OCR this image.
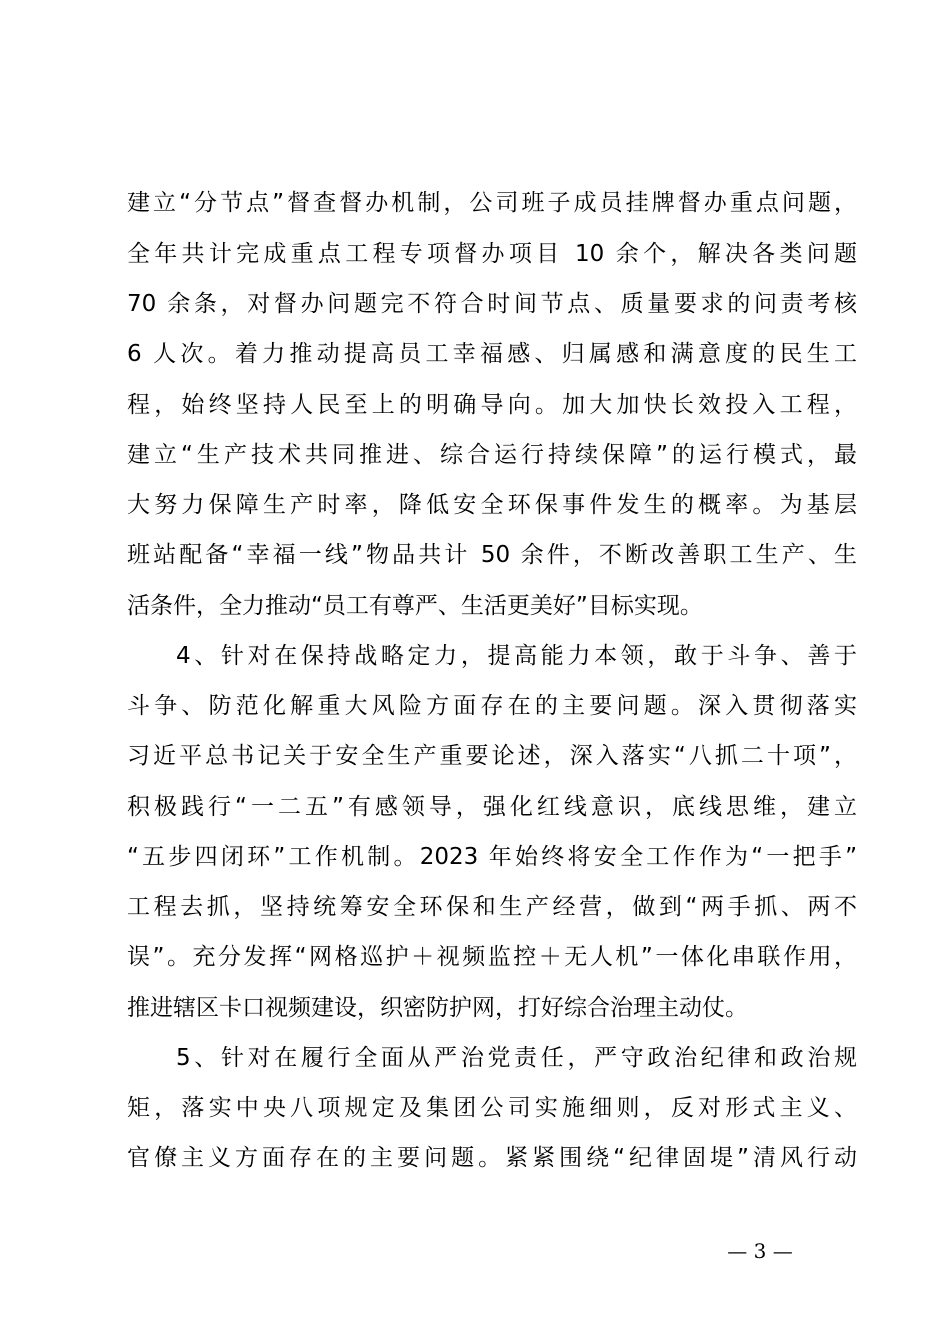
建立“分节点”督查督办机制，公司班子成员挂牌督办重点问题，
全年共计完成重点工程专项督办项目 10 余个，解决各类问题
70 余条，对督办问题完不符合时间节点、质量要求的问责考核
6 人次。着力推动提高员工幸福感、归属感和满意度的民生工
程，始终坚持人民至上的明确导向。加大加快长效投入工程，
建立“生产技术共同推进、综合运行持续保障”的运行模式，最
大努力保障生产时率，降低安全环保事件发生的概率。为基层
班站配备“幸福一线”物品共计 50 余件，不断改善职工生产、生
活条件，全力推动“员工有尊严、生活更美好”目标实现。
4、针对在保持战略定力，提高能力本领，敢于斗争、善于
斗争、防范化解重大风险方面存在的主要问题。深入贯彻落实
习近平总书记关于安全生产重要论述，深入落实“八抓二十项”，
积极践行“一二五”有感领导，强化红线意识，底线思维，建立
“五步四闭环”工作机制。2023 年始终将安全工作作为“一把手”
工程去抓，坚持统筹安全环保和生产经营，做到“两手抓、两不
误”。充分发挥“网格巡护＋视频监控＋无人机”一体化串联作用，
推进辖区卡口视频建设，织密防护网，打好综合治理主动仗。
5、针对在履行全面从严治党责任，严守政治纪律和政治规
矩，落实中央八项规定及集团公司实施细则，反对形式主义、
官僚主义方面存在的主要问题。紧紧围绕“纪律固堤”清风行动
— 3 —
